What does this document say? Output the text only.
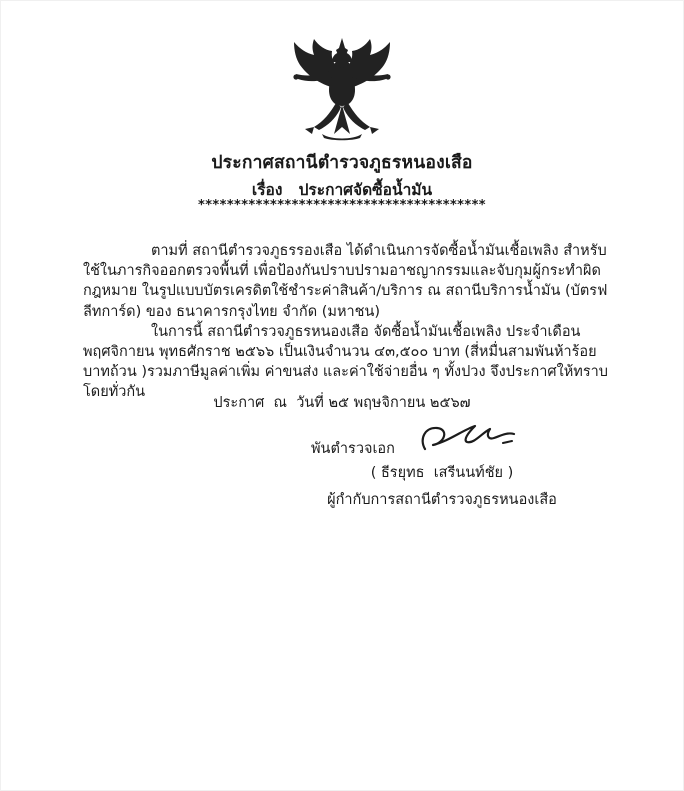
ประกาศสถานีตำรวจภูธรหนองเสือ
เรื่อง   ประกาศจัดซื้อน้ำมัน
****************************************

ตามที่ สถานีตำรวจภูธรรองเสือ ได้ดำเนินการจัดซื้อน้ำมันเชื้อเพลิง สำหรับใช้ในภารกิจออกตรวจพื้นที่ เพื่อป้องกันปราบปรามอาชญากรรมและจับกุมผู้กระทำผิดกฎหมาย ในรูปแบบบัตรเครดิตใช้ชำระค่าสินค้า/บริการ ณ สถานีบริการน้ำมัน (บัตรฟลีทการ์ด) ของ ธนาคารกรุงไทย จำกัด (มหาชน)

ในการนี้ สถานีตำรวจภูธรหนองเสือ จัดซื้อน้ำมันเชื้อเพลิง ประจำเดือน พฤศจิกายน พุทธศักราช ๒๕๖๖ เป็นเงินจำนวน ๔๓,๕๐๐ บาท (สี่หมื่นสามพันห้าร้อยบาทถ้วน )รวมภาษีมูลค่าเพิ่ม ค่าขนส่ง และค่าใช้จ่ายอื่น ๆ ทั้งปวง จึงประกาศให้ทราบโดยทั่วกัน

ประกาศ  ณ  วันที่ ๒๕ พฤษจิกายน ๒๕๖๗
พันตำรวจเอก
( ธีรยุทธ  เสรีนนท์ชัย )
ผู้กำกับการสถานีตำรวจภูธรหนองเสือ
